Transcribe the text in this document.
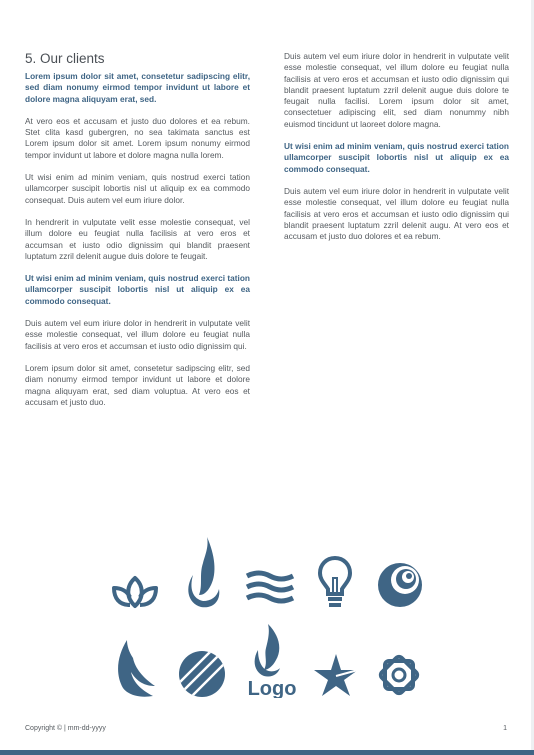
5. Our clients

Lorem ipsum dolor sit amet, consetetur sadipscing elitr, sed diam nonumy eirmod tempor invidunt ut labore et dolore magna aliquyam erat, sed.

At vero eos et accusam et justo duo dolores et ea rebum. Stet clita kasd gubergren, no sea takimata sanctus est Lorem ipsum dolor sit amet. Lorem ipsum nonumy eirmod tempor invidunt ut labore et dolore magna nulla lorem.

Ut wisi enim ad minim veniam, quis nostrud exerci tation ullamcorper suscipit lobortis nisl ut aliquip ex ea commodo consequat. Duis autem vel eum iriure dolor.

In hendrerit in vulputate velit esse molestie consequat, vel illum dolore eu feugiat nulla facilisis at vero eros et accumsan et iusto odio dignissim qui blandit praesent luptatum zzril delenit augue duis dolore te feugait.

Ut wisi enim ad minim veniam, quis nostrud exerci tation ullamcorper suscipit lobortis nisl ut aliquip ex ea commodo consequat.

Duis autem vel eum iriure dolor in hendrerit in vulputate velit esse molestie consequat, vel illum dolore eu feugiat nulla facilisis at vero eros et accumsan et iusto odio dignissim qui.

Lorem ipsum dolor sit amet, consetetur sadipscing elitr, sed diam nonumy eirmod tempor invidunt ut labore et dolore magna aliquyam erat, sed diam voluptua. At vero eos et accusam et justo duo.

Duis autem vel eum iriure dolor in hendrerit in vulputate velit esse molestie consequat, vel illum dolore eu feugiat nulla facilisis at vero eros et accumsan et iusto odio dignissim qui blandit praesent luptatum zzril delenit augue duis dolore te feugait nulla facilisi. Lorem ipsum dolor sit amet, consectetuer adipiscing elit, sed diam nonummy nibh euismod tincidunt ut laoreet dolore magna.

Ut wisi enim ad minim veniam, quis nostrud exerci tation ullamcorper suscipit lobortis nisl ut aliquip ex ea commodo consequat.

Duis autem vel eum iriure dolor in hendrerit in vulputate velit esse molestie consequat, vel illum dolore eu feugiat nulla facilisis at vero eros et accumsan et iusto odio dignissim qui blandit praesent luptatum zzril delenit augu. At vero eos et accusam et justo duo dolores et ea rebum.

Logo
Copyright © | mm-dd-yyyy	1
